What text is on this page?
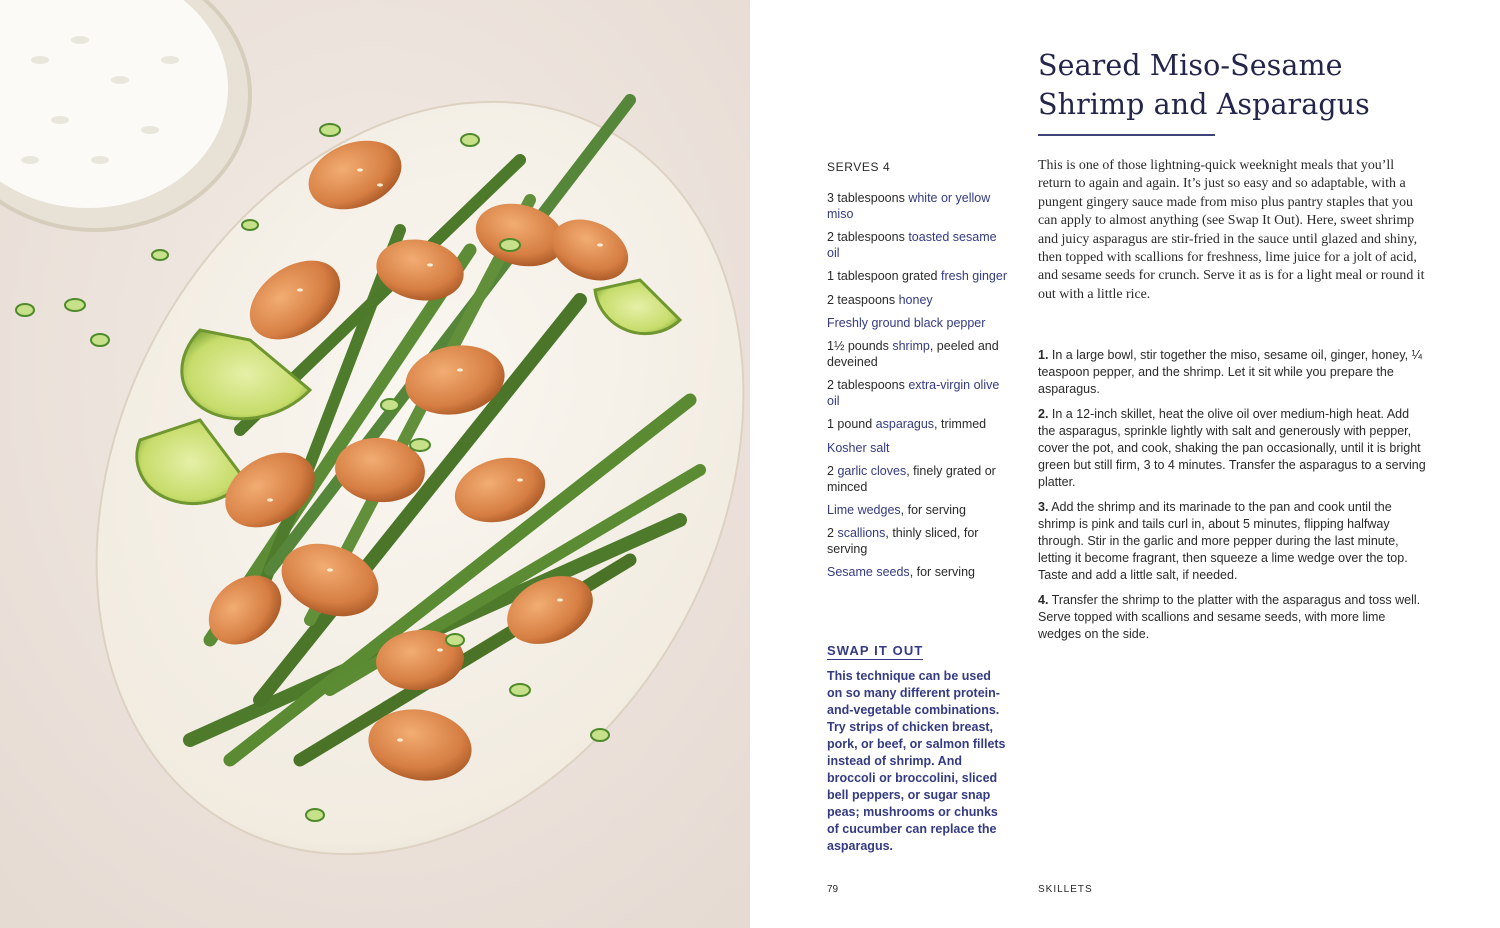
Seared Miso-Sesame
Shrimp and Asparagus

SERVES 4

3 tablespoons white or yellow miso
2 tablespoons toasted sesame oil
1 tablespoon grated fresh ginger
2 teaspoons honey
Freshly ground black pepper
1½ pounds shrimp, peeled and deveined
2 tablespoons extra-virgin olive oil
1 pound asparagus, trimmed
Kosher salt
2 garlic cloves, finely grated or minced
Lime wedges, for serving
2 scallions, thinly sliced, for serving
Sesame seeds, for serving

SWAP IT OUT

This technique can be used on so many different protein-and-vegetable combinations. Try strips of chicken breast, pork, or beef, or salmon fillets instead of shrimp. And broccoli or broccolini, sliced bell peppers, or sugar snap peas; mushrooms or chunks of cucumber can replace the asparagus.

This is one of those lightning-quick weeknight meals that you’ll return to again and again. It’s just so easy and so adaptable, with a pungent gingery sauce made from miso plus pantry staples that you can apply to almost anything (see Swap It Out). Here, sweet shrimp and juicy asparagus are stir-fried in the sauce until glazed and shiny, then topped with scallions for freshness, lime juice for a jolt of acid, and sesame seeds for crunch. Serve it as is for a light meal or round it out with a little rice.

1. In a large bowl, stir together the miso, sesame oil, ginger, honey, ¼ teaspoon pepper, and the shrimp. Let it sit while you prepare the asparagus.

2. In a 12-inch skillet, heat the olive oil over medium-high heat. Add the asparagus, sprinkle lightly with salt and generously with pepper, cover the pot, and cook, shaking the pan occasionally, until it is bright green but still firm, 3 to 4 minutes. Transfer the asparagus to a serving platter.

3. Add the shrimp and its marinade to the pan and cook until the shrimp is pink and tails curl in, about 5 minutes, flipping halfway through. Stir in the garlic and more pepper during the last minute, letting it become fragrant, then squeeze a lime wedge over the top. Taste and add a little salt, if needed.

4. Transfer the shrimp to the platter with the asparagus and toss well. Serve topped with scallions and sesame seeds, with more lime wedges on the side.

79	SKILLETS
